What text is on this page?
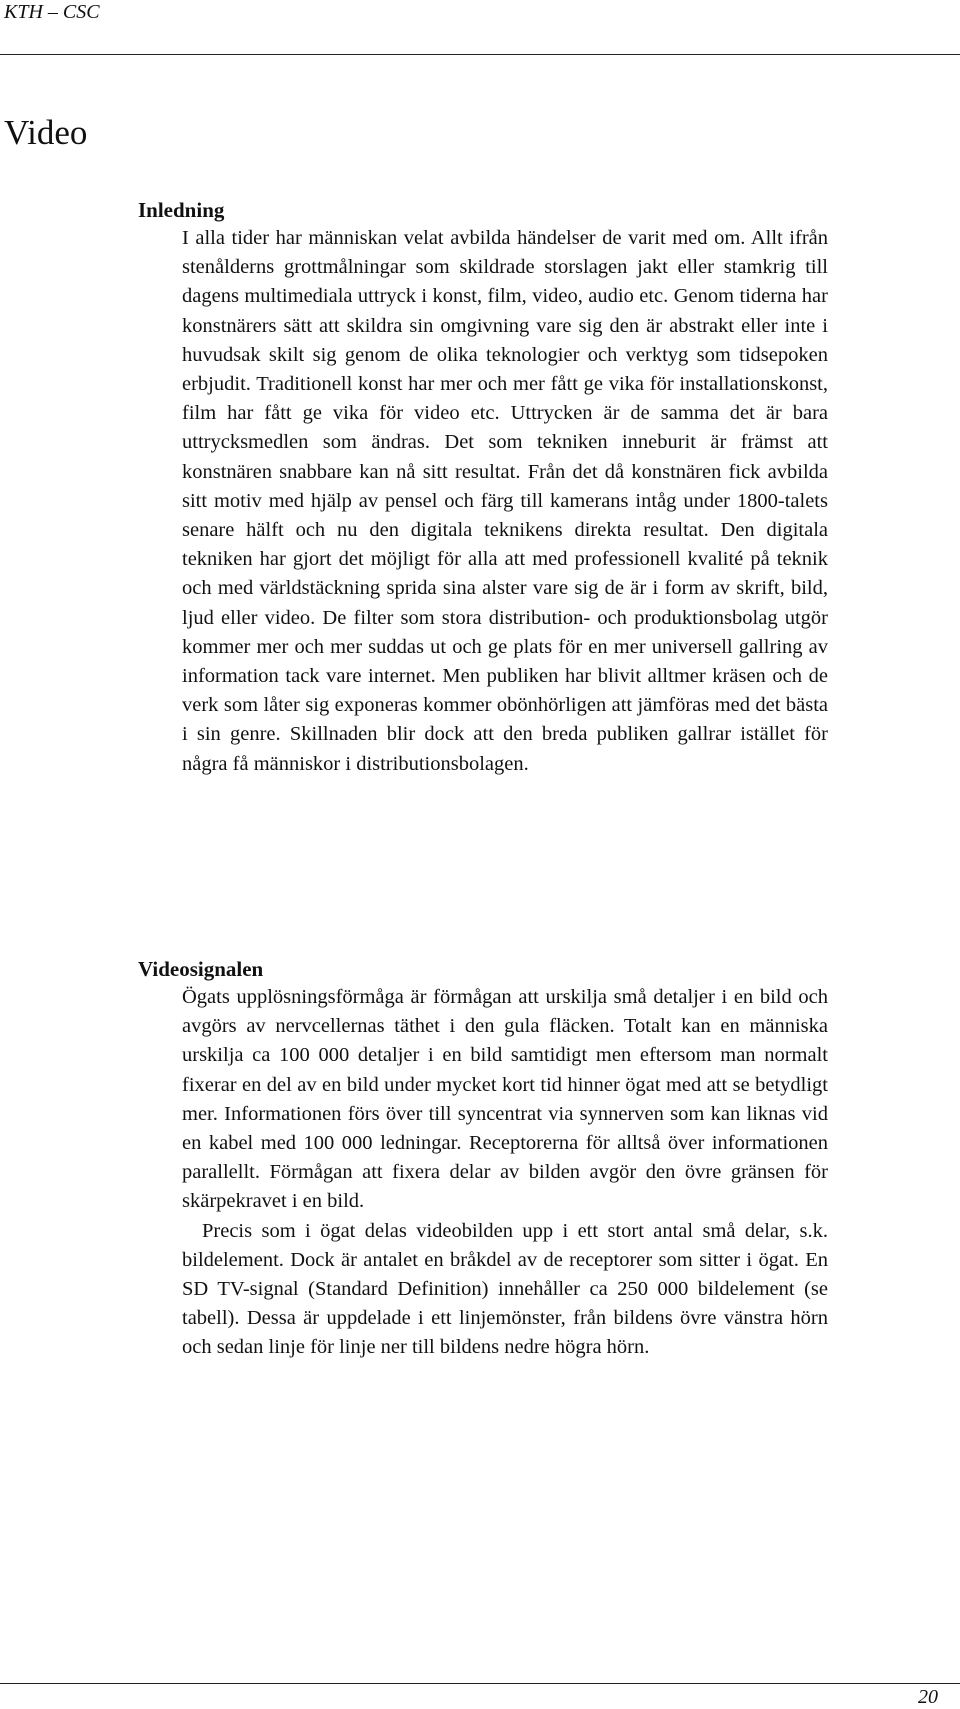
KTH – CSC
Video
Inledning

I alla tider har människan velat avbilda händelser de varit med om. Allt ifrån stenålderns grottmålningar som skildrade storslagen jakt eller stamkrig till dagens multimediala uttryck i konst, film, video, audio etc. Genom tiderna har konstnärers sätt att skildra sin omgivning vare sig den är abstrakt eller inte i huvudsak skilt sig genom de olika teknologier och verktyg som tidsepoken erbjudit. Traditionell konst har mer och mer fått ge vika för installationskonst, film har fått ge vika för video etc. Uttrycken är de samma det är bara uttrycksmedlen som ändras. Det som tekniken inneburit är främst att konstnären snabbare kan nå sitt resultat. Från det då konstnären fick avbilda sitt motiv med hjälp av pensel och färg till kamerans intåg under 1800-talets senare hälft och nu den digitala teknikens direkta resultat. Den digitala tekniken har gjort det möjligt för alla att med professionell kvalité på teknik och med världstäckning sprida sina alster vare sig de är i form av skrift, bild, ljud eller video. De filter som stora distribution- och produktionsbolag utgör kommer mer och mer suddas ut och ge plats för en mer universell gallring av information tack vare internet. Men publiken har blivit alltmer kräsen och de verk som låter sig exponeras kommer obönhörligen att jämföras med det bästa i sin genre. Skillnaden blir dock att den breda publiken gallrar istället för några få människor i distributionsbolagen.

Videosignalen

Ögats upplösningsförmåga är förmågan att urskilja små detaljer i en bild och avgörs av nervcellernas täthet i den gula fläcken. Totalt kan en människa urskilja ca 100 000 detaljer i en bild samtidigt men eftersom man normalt fixerar en del av en bild under mycket kort tid hinner ögat med att se betydligt mer. Informationen förs över till syncentrat via synnerven som kan liknas vid en kabel med 100 000 ledningar. Receptorerna för alltså över informationen parallellt. Förmågan att fixera delar av bilden avgör den övre gränsen för skärpekravet i en bild.

Precis som i ögat delas videobilden upp i ett stort antal små delar, s.k. bildelement. Dock är antalet en bråkdel av de receptorer som sitter i ögat. En SD TV-signal (Standard Definition) innehåller ca 250 000 bildelement (se tabell). Dessa är uppdelade i ett linjemönster, från bildens övre vänstra hörn och sedan linje för linje ner till bildens nedre högra hörn.

20
